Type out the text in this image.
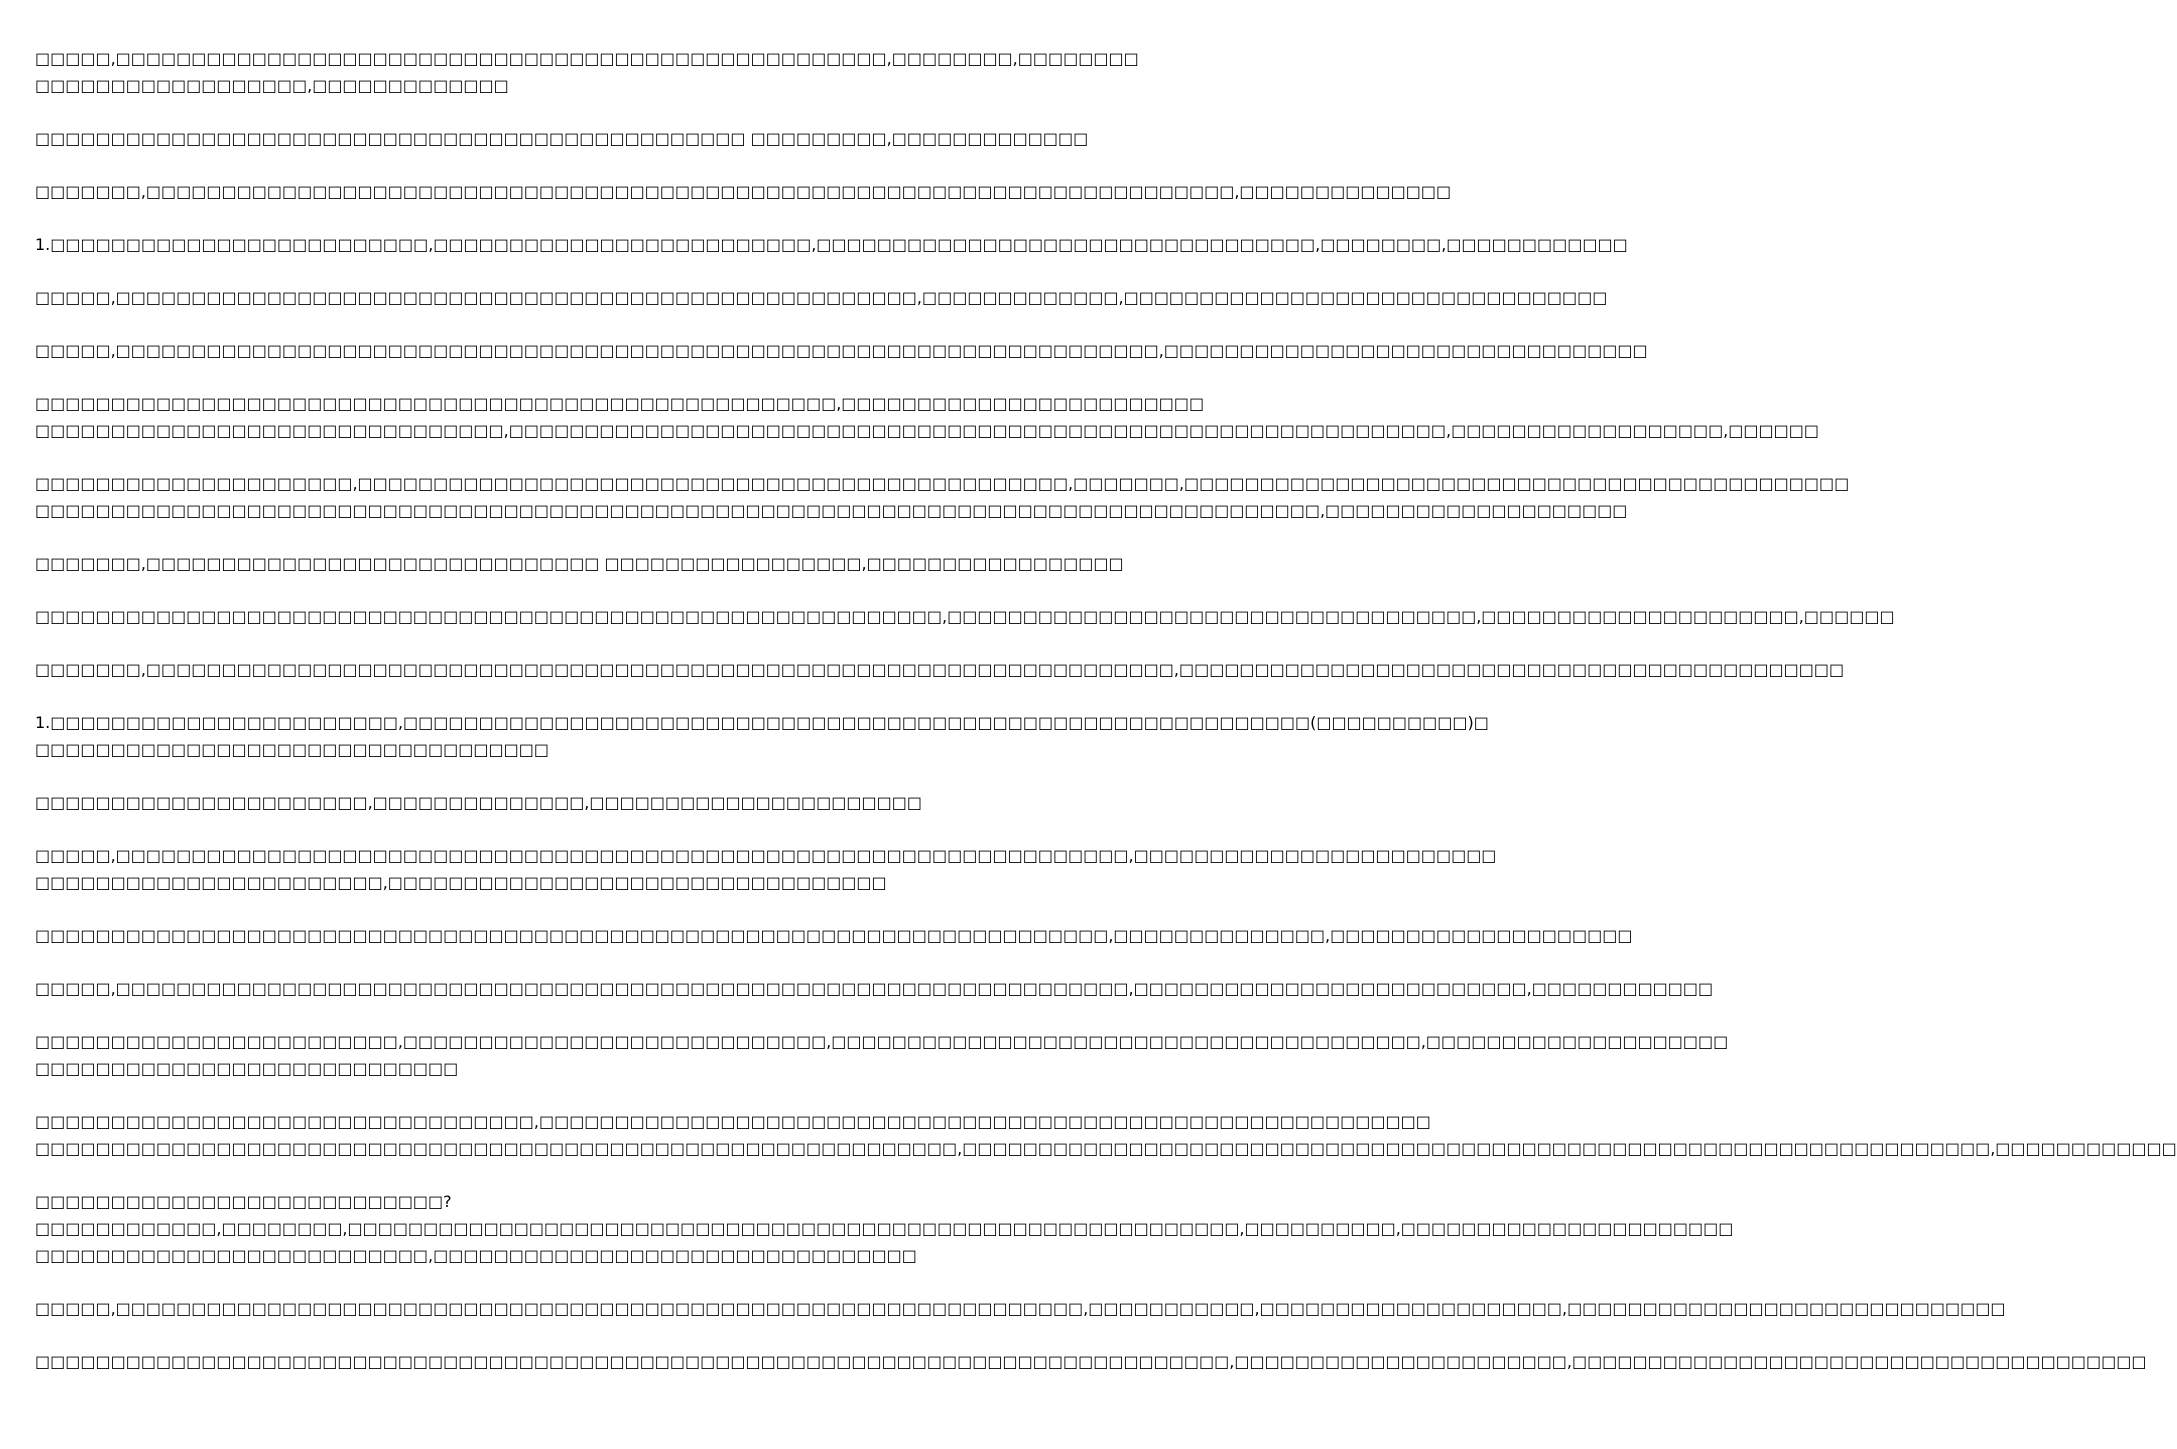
□□□□□,□□□□□□□□□□□□□□□□□□□□□□□□□□□□□□□□□□□□□□□□□□□□□□□□□□□,□□□□□□□□,□□□□□□□□
□□□□□□□□□□□□□□□□□□,□□□□□□□□□□□□□
□□□□□□□□□□□□□□□□□□□□□□□□□□□□□□□□□□□□□□□□□□□□□□□ □□□□□□□□□,□□□□□□□□□□□□□
□□□□□□□,□□□□□□□□□□□□□□□□□□□□□□□□□□□□□□□□□□□□□□□□□□□□□□□□□□□□□□□□□□□□□□□□□□□□□□□□,□□□□□□□□□□□□□□
1.□□□□□□□□□□□□□□□□□□□□□□□□□,□□□□□□□□□□□□□□□□□□□□□□□□□,□□□□□□□□□□□□□□□□□□□□□□□□□□□□□□□□□,□□□□□□□□,□□□□□□□□□□□□
□□□□□,□□□□□□□□□□□□□□□□□□□□□□□□□□□□□□□□□□□□□□□□□□□□□□□□□□□□□,□□□□□□□□□□□□□,□□□□□□□□□□□□□□□□□□□□□□□□□□□□□□□□
□□□□□,□□□□□□□□□□□□□□□□□□□□□□□□□□□□□□□□□□□□□□□□□□□□□□□□□□□□□□□□□□□□□□□□□□□□□,□□□□□□□□□□□□□□□□□□□□□□□□□□□□□□□□
□□□□□□□□□□□□□□□□□□□□□□□□□□□□□□□□□□□□□□□□□□□□□□□□□□□□□,□□□□□□□□□□□□□□□□□□□□□□□□
□□□□□□□□□□□□□□□□□□□□□□□□□□□□□□□,□□□□□□□□□□□□□□□□□□□□□□□□□□□□□□□□□□□□□□□□□□□□□□□□□□□□□□□□□□□□□□,□□□□□□□□□□□□□□□□□□,□□□□□□
□□□□□□□□□□□□□□□□□□□□□,□□□□□□□□□□□□□□□□□□□□□□□□□□□□□□□□□□□□□□□□□□□□□□□,□□□□□□□,□□□□□□□□□□□□□□□□□□□□□□□□□□□□□□□□□□□□□□□□□□□□
□□□□□□□□□□□□□□□□□□□□□□□□□□□□□□□□□□□□□□□□□□□□□□□□□□□□□□□□□□□□□□□□□□□□□□□□□□□□□□□□□□□□□,□□□□□□□□□□□□□□□□□□□□
□□□□□□□,□□□□□□□□□□□□□□□□□□□□□□□□□□□□□□ □□□□□□□□□□□□□□□□□,□□□□□□□□□□□□□□□□□
□□□□□□□□□□□□□□□□□□□□□□□□□□□□□□□□□□□□□□□□□□□□□□□□□□□□□□□□□□□□,□□□□□□□□□□□□□□□□□□□□□□□□□□□□□□□□□□□,□□□□□□□□□□□□□□□□□□□□□,□□□□□□
□□□□□□□,□□□□□□□□□□□□□□□□□□□□□□□□□□□□□□□□□□□□□□□□□□□□□□□□□□□□□□□□□□□□□□□□□□□□,□□□□□□□□□□□□□□□□□□□□□□□□□□□□□□□□□□□□□□□□□□□□
1.□□□□□□□□□□□□□□□□□□□□□□□,□□□□□□□□□□□□□□□□□□□□□□□□□□□□□□□□□□□□□□□□□□□□□□□□□□□□□□□□□□□□(□□□□□□□□□□)□
□□□□□□□□□□□□□□□□□□□□□□□□□□□□□□□□□□
□□□□□□□□□□□□□□□□□□□□□□,□□□□□□□□□□□□□□,□□□□□□□□□□□□□□□□□□□□□□
□□□□□,□□□□□□□□□□□□□□□□□□□□□□□□□□□□□□□□□□□□□□□□□□□□□□□□□□□□□□□□□□□□□□□□□□□,□□□□□□□□□□□□□□□□□□□□□□□□
□□□□□□□□□□□□□□□□□□□□□□□,□□□□□□□□□□□□□□□□□□□□□□□□□□□□□□□□□
□□□□□□□□□□□□□□□□□□□□□□□□□□□□□□□□□□□□□□□□□□□□□□□□□□□□□□□□□□□□□□□□□□□□□□□,□□□□□□□□□□□□□□,□□□□□□□□□□□□□□□□□□□□
□□□□□,□□□□□□□□□□□□□□□□□□□□□□□□□□□□□□□□□□□□□□□□□□□□□□□□□□□□□□□□□□□□□□□□□□□,□□□□□□□□□□□□□□□□□□□□□□□□□□,□□□□□□□□□□□□
□□□□□□□□□□□□□□□□□□□□□□□□,□□□□□□□□□□□□□□□□□□□□□□□□□□□□,□□□□□□□□□□□□□□□□□□□□□□□□□□□□□□□□□□□□□□□,□□□□□□□□□□□□□□□□□□□□
□□□□□□□□□□□□□□□□□□□□□□□□□□□□
□□□□□□□□□□□□□□□□□□□□□□□□□□□□□□□□□,□□□□□□□□□□□□□□□□□□□□□□□□□□□□□□□□□□□□□□□□□□□□□□□□□□□□□□□□□□□
□□□□□□□□□□□□□□□□□□□□□□□□□□□□□□□□□□□□□□□□□□□□□□□□□□□□□□□□□□□□□,□□□□□□□□□□□□□□□□□□□□□□□□□□□□□□□□□□□□□□□□□□□□□□□□□□□□□□□□□□□□□□□□□□□□,□□□□□□□□□□□□
□□□□□□□□□□□□□□□□□□□□□□□□□□□?
□□□□□□□□□□□□,□□□□□□□□,□□□□□□□□□□□□□□□□□□□□□□□□□□□□□□□□□□□□□□□□□□□□□□□□□□□□□□□□□□□,□□□□□□□□□□,□□□□□□□□□□□□□□□□□□□□□□
□□□□□□□□□□□□□□□□□□□□□□□□□□,□□□□□□□□□□□□□□□□□□□□□□□□□□□□□□□□
□□□□□,□□□□□□□□□□□□□□□□□□□□□□□□□□□□□□□□□□□□□□□□□□□□□□□□□□□□□□□□□□□□□□□□,□□□□□□□□□□□,□□□□□□□□□□□□□□□□□□□□,□□□□□□□□□□□□□□□□□□□□□□□□□□□□□
□□□□□□□□□□□□□□□□□□□□□□□□□□□□□□□□□□□□□□□□□□□□□□□□□□□□□□□□□□□□□□□□□□□□□□□□□□□□□□□,□□□□□□□□□□□□□□□□□□□□□□,□□□□□□□□□□□□□□□□□□□□□□□□□□□□□□□□□□□□□□
